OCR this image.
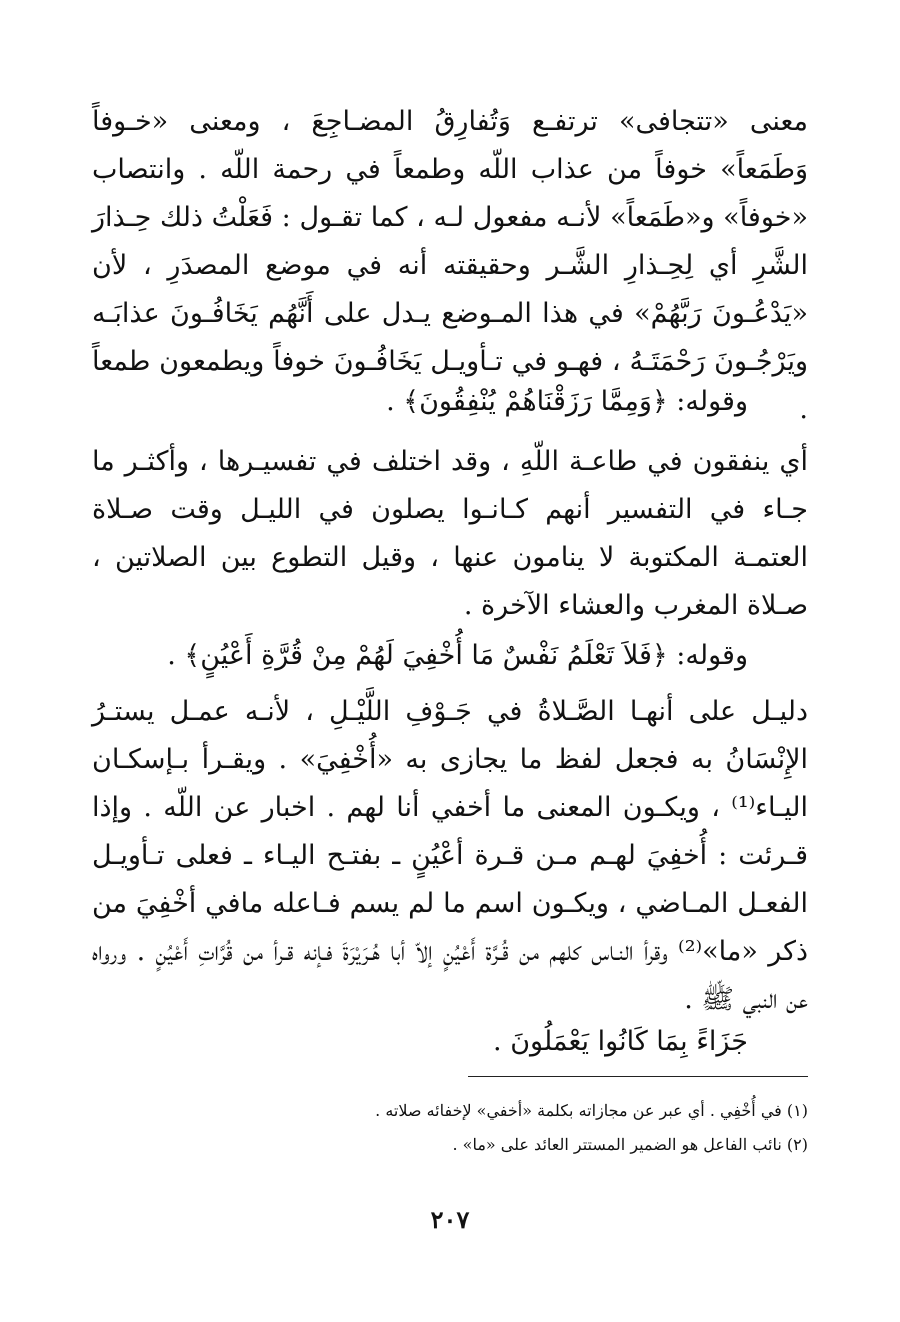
معنى «تتجافى» ترتفـع وَتُفارِقُ المضـاجِعَ ، ومعنى «خـوفاً وَطَمَعاً» خوفاً من عذاب اللّه وطمعاً في رحمة اللّه . وانتصاب «خوفاً» و«طَمَعاً» لأنـه مفعول لـه ، كما تقـول : فَعَلْتُ ذلك حِـذارَ الشَّرِ أي لِحِـذارِ الشَّـر وحقيقته أنه في موضع المصدَرِ ، لأن «يَدْعُـونَ رَبَّهُمْ» في هذا المـوضع يـدل على أَنَّهُم يَخَافُـونَ عذابَـه ويَرْجُـونَ رَحْمَتَـهُ ، فهـو في تـأويـل يَخَافُـونَ خوفاً ويطمعون طمعاً .

وقوله: ﴿وَمِمَّا رَزَقْنَاهُمْ يُنْفِقُونَ﴾ .

أي ينفقون في طاعـة اللّهِ ، وقد اختلف في تفسيـرها ، وأكثـر ما جـاء في التفسير أنهم كـانـوا يصلون في الليـل وقت صـلاة العتمـة المكتوبة لا ينامون عنها ، وقيل التطوع بين الصلاتين ، صـلاة المغرب والعشاء الآخرة .

وقوله: ﴿فَلاَ تَعْلَمُ نَفْسٌ مَا أُخْفِيَ لَهُمْ مِنْ قُرَّةِ أَعْيُنٍ﴾ .

دليـل على أنهـا الصَّـلاةُ في جَـوْفِ اللَّيْـلِ ، لأنـه عمـل يستـرُ الإِنْسَانُ به فجعل لفظ ما يجازى به «أُخْفِيَ» . ويقـرأ بـإسكـان اليـاء⁽¹⁾ ، ويكـون المعنى ما أخفي أنا لهم . اخبار عن اللّه . وإذا قـرئت : أُخفِيَ لهـم مـن قـرة أعْيُنٍ ـ بفتـح اليـاء ـ فعلى تـأويـل الفعـل المـاضي ، ويكـون اسم ما لم يسم فـاعله مافي أخْفِيَ من ذكر «ما»⁽²⁾ وقرأ النـاس كلهم من قُـرَّة أَعْيُنٍ إلاّ أبا هُـرَيْرَةَ فـإنه قـرأ من قُرَّاتِ أَعْيُنٍ . ورواه عن النبي ﷺ .

جَزَاءً بِمَا كَانُوا يَعْمَلُونَ .

(١) في أُخْفِي . أي عبر عن مجازاته بكلمة «أخفي» لإخفائه صلاته .

(٢) نائب الفاعل هو الضمير المستتر العائد على «ما» .

٢٠٧
